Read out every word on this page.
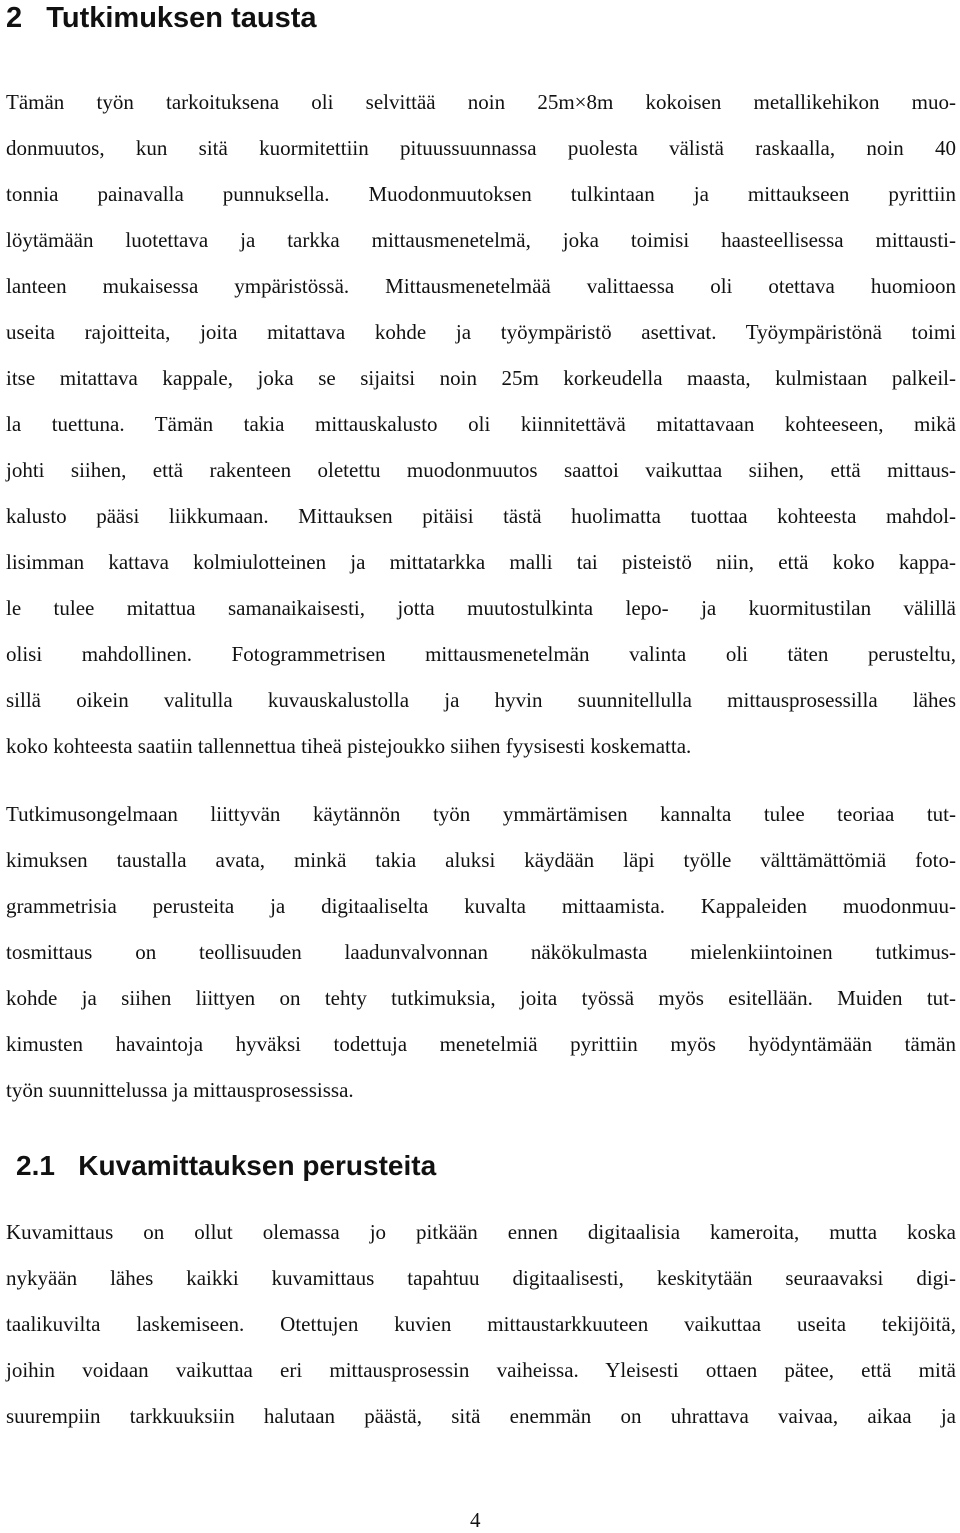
2   Tutkimuksen tausta
Tämän työn tarkoituksena oli selvittää noin 25m×8m kokoisen metallikehikon muo-
donmuutos, kun sitä kuormitettiin pituussuunnassa puolesta välistä raskaalla, noin 40
tonnia painavalla punnuksella. Muodonmuutoksen tulkintaan ja mittaukseen pyrittiin
löytämään luotettava ja tarkka mittausmenetelmä, joka toimisi haasteellisessa mittausti-
lanteen mukaisessa ympäristössä. Mittausmenetelmää valittaessa oli otettava huomioon
useita rajoitteita, joita mitattava kohde ja työympäristö asettivat. Työympäristönä toimi
itse mitattava kappale, joka se sijaitsi noin 25m korkeudella maasta, kulmistaan palkeil-
la tuettuna. Tämän takia mittauskalusto oli kiinnitettävä mitattavaan kohteeseen, mikä
johti siihen, että rakenteen oletettu muodonmuutos saattoi vaikuttaa siihen, että mittaus-
kalusto pääsi liikkumaan. Mittauksen pitäisi tästä huolimatta tuottaa kohteesta mahdol-
lisimman kattava kolmiulotteinen ja mittatarkka malli tai pisteistö niin, että koko kappa-
le tulee mitattua samanaikaisesti, jotta muutostulkinta lepo- ja kuormitustilan välillä
olisi mahdollinen. Fotogrammetrisen mittausmenetelmän valinta oli täten perusteltu,
sillä oikein valitulla kuvauskalustolla ja hyvin suunnitellulla mittausprosessilla lähes
koko kohteesta saatiin tallennettua tiheä pistejoukko siihen fyysisesti koskematta.
Tutkimusongelmaan liittyvän käytännön työn ymmärtämisen kannalta tulee teoriaa tut-
kimuksen taustalla avata, minkä takia aluksi käydään läpi työlle välttämättömiä foto-
grammetrisia perusteita ja digitaaliselta kuvalta mittaamista. Kappaleiden muodonmuu-
tosmittaus on teollisuuden laadunvalvonnan näkökulmasta mielenkiintoinen tutkimus-
kohde ja siihen liittyen on tehty tutkimuksia, joita työssä myös esitellään. Muiden tut-
kimusten havaintoja hyväksi todettuja menetelmiä pyrittiin myös hyödyntämään tämän
työn suunnittelussa ja mittausprosessissa.
2.1   Kuvamittauksen perusteita
Kuvamittaus on ollut olemassa jo pitkään ennen digitaalisia kameroita, mutta koska
nykyään lähes kaikki kuvamittaus tapahtuu digitaalisesti, keskitytään seuraavaksi digi-
taalikuvilta laskemiseen. Otettujen kuvien mittaustarkkuuteen vaikuttaa useita tekijöitä,
joihin voidaan vaikuttaa eri mittausprosessin vaiheissa. Yleisesti ottaen pätee, että mitä
suurempiin tarkkuuksiin halutaan päästä, sitä enemmän on uhrattava vaivaa, aikaa ja
4
